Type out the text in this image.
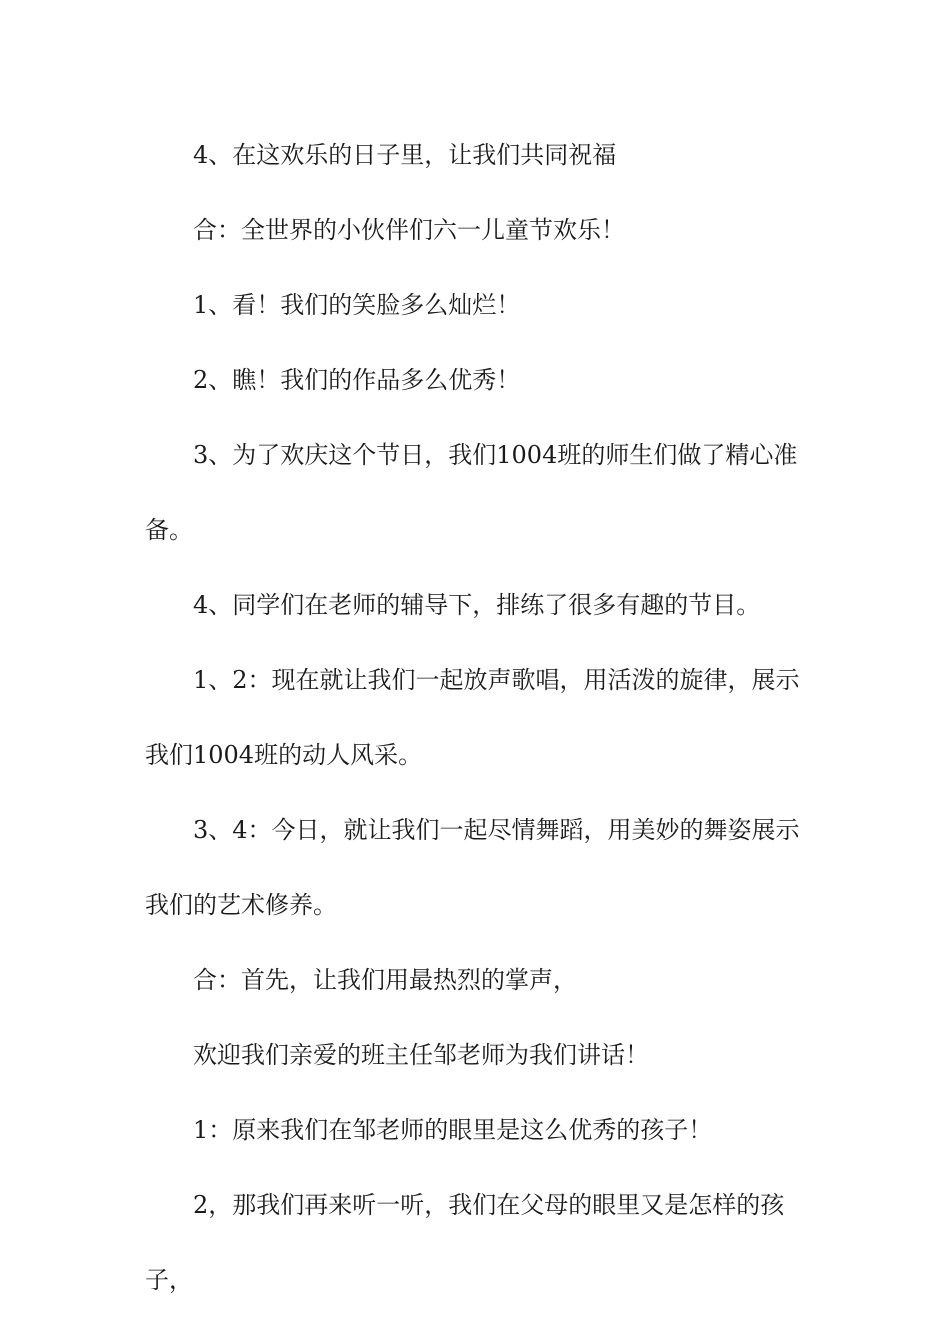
4、在这欢乐的日子里，让我们共同祝福

合：全世界的小伙伴们六一儿童节欢乐！

1、看！我们的笑脸多么灿烂！

2、瞧！我们的作品多么优秀！

3、为了欢庆这个节日，我们1004班的师生们做了精心准备。

4、同学们在老师的辅导下，排练了很多有趣的节目。

1、2：现在就让我们一起放声歌唱，用活泼的旋律，展示我们1004班的动人风采。

3、4：今日，就让我们一起尽情舞蹈，用美妙的舞姿展示我们的艺术修养。

合：首先，让我们用最热烈的掌声，

欢迎我们亲爱的班主任邹老师为我们讲话！

1：原来我们在邹老师的眼里是这么优秀的孩子！

2，那我们再来听一听，我们在父母的眼里又是怎样的孩子，
